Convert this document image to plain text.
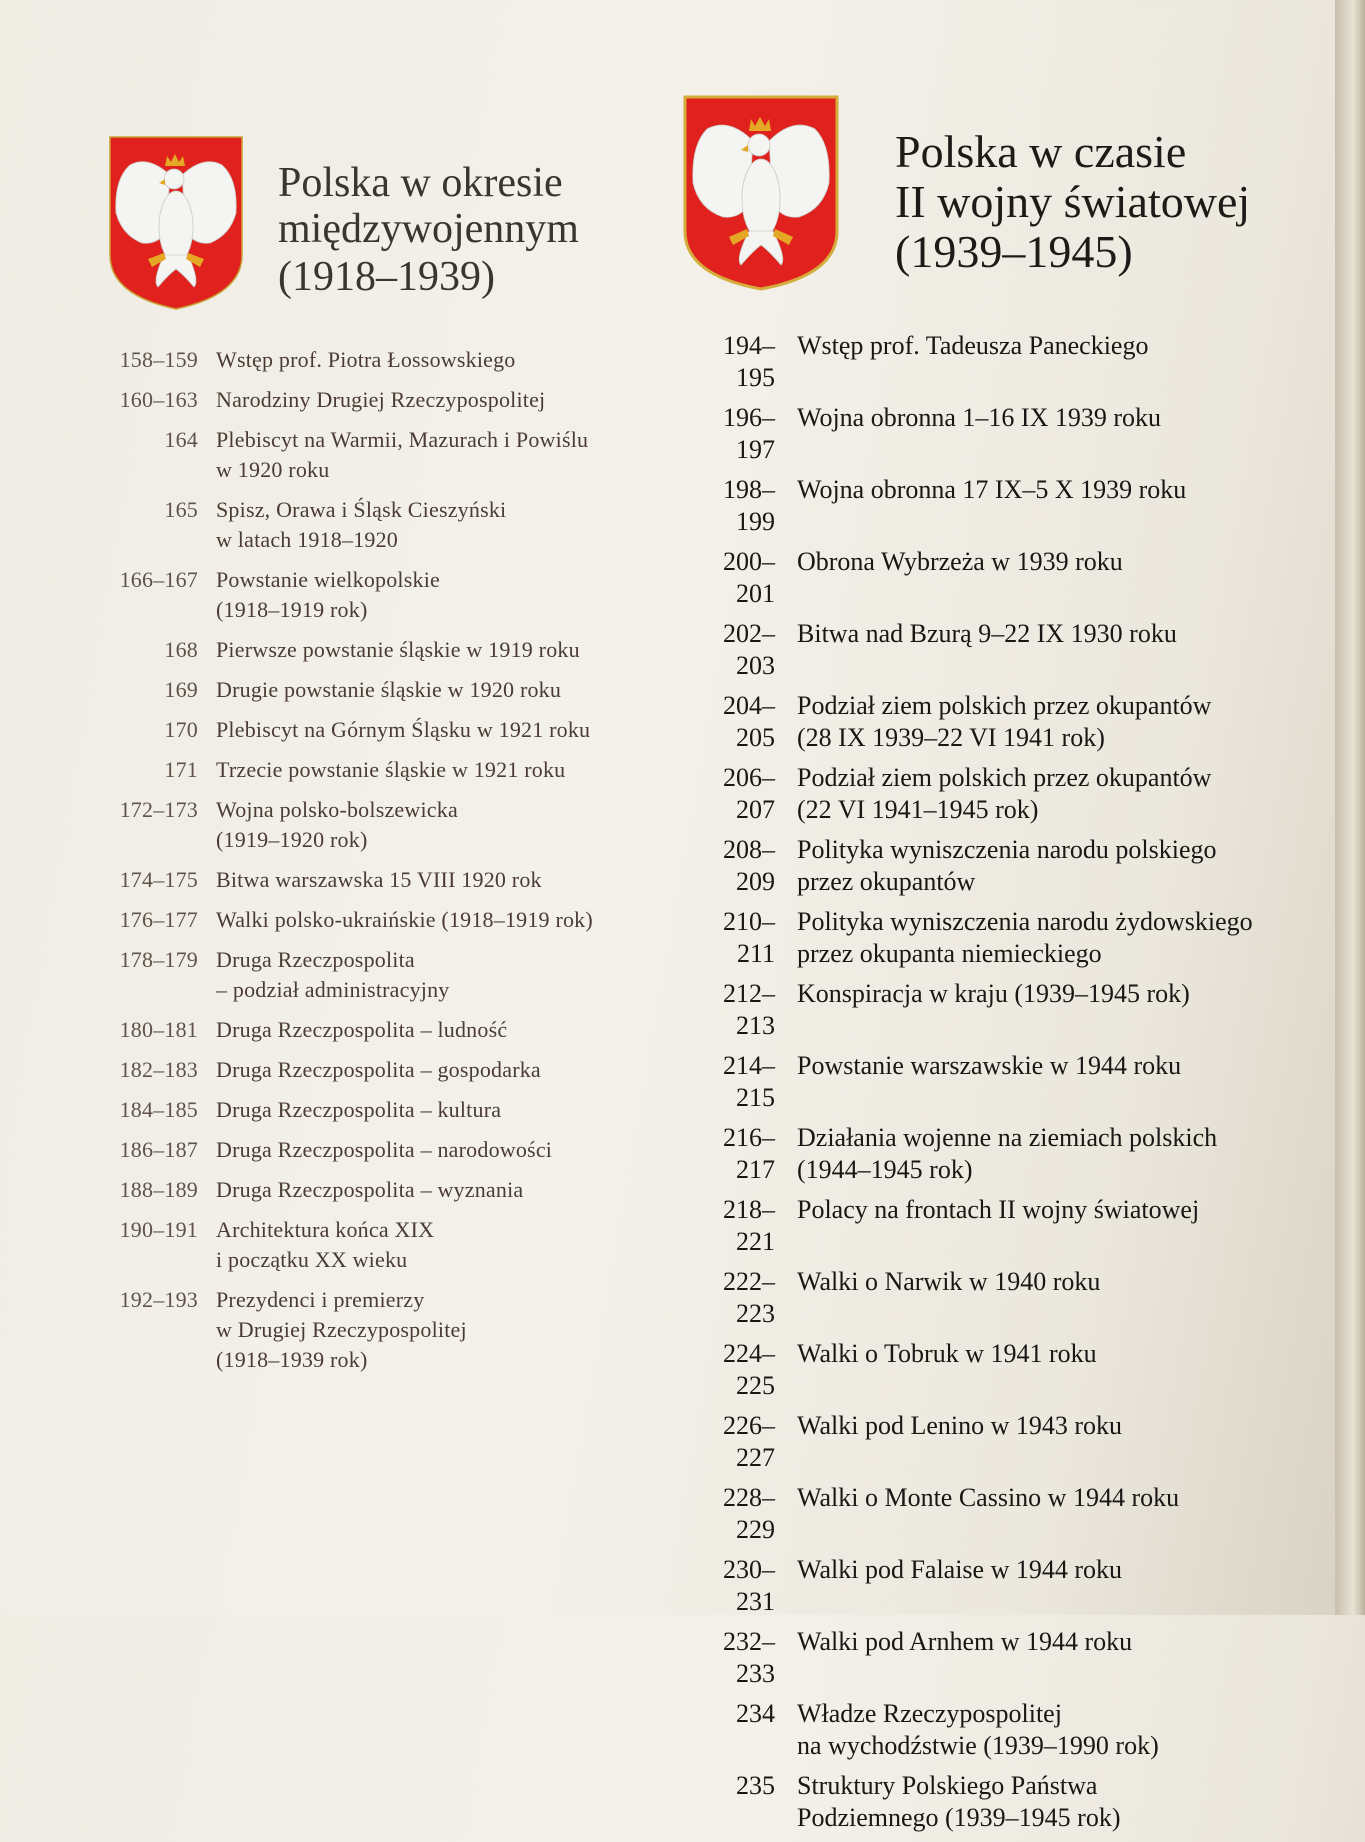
Polska w okresie
międzywojennym
(1918–1939)
158–159 Wstęp prof. Piotra Łossowskiego
160–163 Narodziny Drugiej Rzeczypospolitej
164 Plebiscyt na Warmii, Mazurach i Powiślu
w 1920 roku
165 Spisz, Orawa i Śląsk Cieszyński
w latach 1918–1920
166–167 Powstanie wielkopolskie
(1918–1919 rok)
168 Pierwsze powstanie śląskie w 1919 roku
169 Drugie powstanie śląskie w 1920 roku
170 Plebiscyt na Górnym Śląsku w 1921 roku
171 Trzecie powstanie śląskie w 1921 roku
172–173 Wojna polsko-bolszewicka
(1919–1920 rok)
174–175 Bitwa warszawska 15 VIII 1920 rok
176–177 Walki polsko-ukraińskie (1918–1919 rok)
178–179 Druga Rzeczpospolita
– podział administracyjny
180–181 Druga Rzeczpospolita – ludność
182–183 Druga Rzeczpospolita – gospodarka
184–185 Druga Rzeczpospolita – kultura
186–187 Druga Rzeczpospolita – narodowości
188–189 Druga Rzeczpospolita – wyznania
190–191 Architektura końca XIX
i początku XX wieku
192–193 Prezydenci i premierzy
w Drugiej Rzeczypospolitej
(1918–1939 rok)
Polska w czasie
II wojny światowej
(1939–1945)
194–195
Wstęp prof. Tadeusza Paneckiego
196–197
Wojna obronna 1–16 IX 1939 roku
198–199
Wojna obronna 17 IX–5 X 1939 roku
200–201
Obrona Wybrzeża w 1939 roku
202–203
Bitwa nad Bzurą 9–22 IX 1930 roku
204–205
Podział ziem polskich przez okupantów
(28 IX 1939–22 VI 1941 rok)
206–207
Podział ziem polskich przez okupantów
(22 VI 1941–1945 rok)
208–209
Polityka wyniszczenia narodu polskiego
przez okupantów
210–211
Polityka wyniszczenia narodu żydowskiego
przez okupanta niemieckiego
212–213
Konspiracja w kraju (1939–1945 rok)
214–215
Powstanie warszawskie w 1944 roku
216–217
Działania wojenne na ziemiach polskich
(1944–1945 rok)
218–221
Polacy na frontach II wojny światowej
222–223
Walki o Narwik w 1940 roku
224–225
Walki o Tobruk w 1941 roku
226–227
Walki pod Lenino w 1943 roku
228–229
Walki o Monte Cassino w 1944 roku
230–231
Walki pod Falaise w 1944 roku
232–233
Walki pod Arnhem w 1944 roku
234 Władze Rzeczypospolitej
na wychodźstwie (1939–1990 rok)
235 Struktury Polskiego Państwa
Podziemnego (1939–1945 rok)
